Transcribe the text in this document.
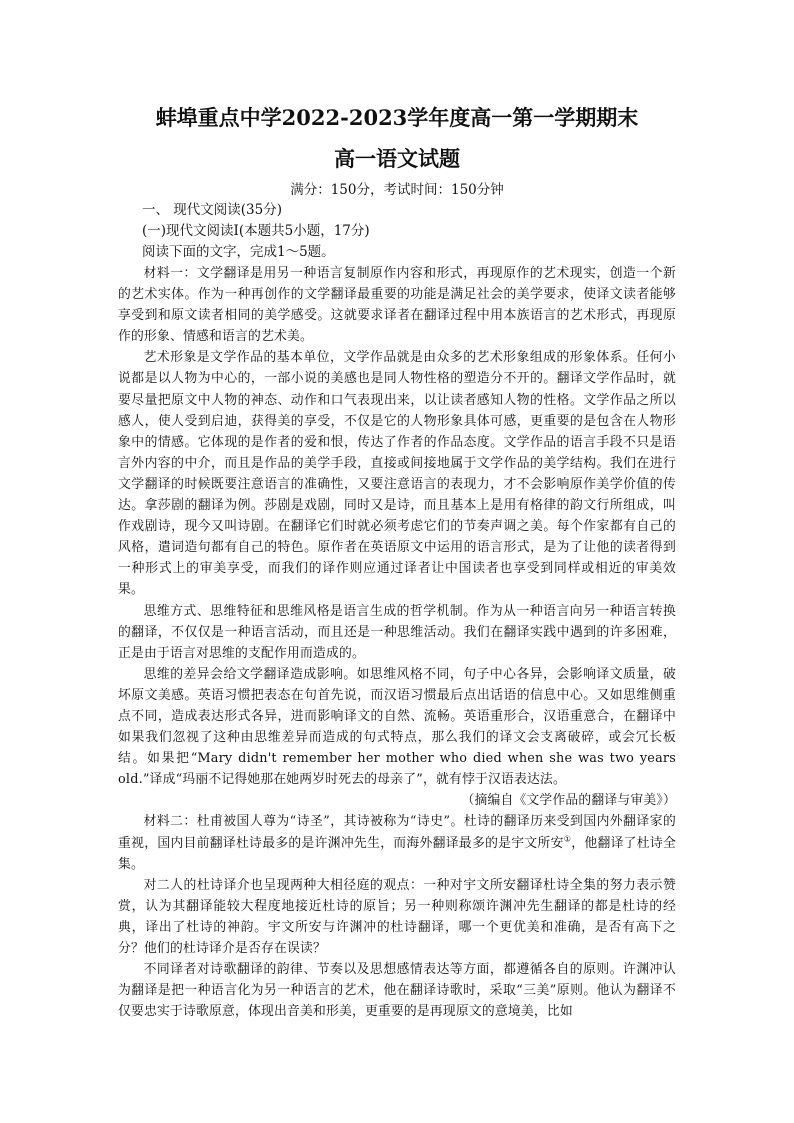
蚌埠重点中学2022-2023学年度高一第一学期期末
高一语文试题
满分：150分，考试时间：150分钟

一、 现代文阅读(35分)

(一)现代文阅读Ⅰ(本题共5小题，17分)

阅读下面的文字，完成1～5题。

材料一：文学翻译是用另一种语言复制原作内容和形式，再现原作的艺术现实，创造一个新的艺术实体。作为一种再创作的文学翻译最重要的功能是满足社会的美学要求，使译文读者能够享受到和原文读者相同的美学感受。这就要求译者在翻译过程中用本族语言的艺术形式，再现原作的形象、情感和语言的艺术美。

艺术形象是文学作品的基本单位，文学作品就是由众多的艺术形象组成的形象体系。任何小说都是以人物为中心的，一部小说的美感也是同人物性格的塑造分不开的。翻译文学作品时，就要尽量把原文中人物的神态、动作和口气表现出来，以让读者感知人物的性格。文学作品之所以感人，使人受到启迪，获得美的享受，不仅是它的人物形象具体可感，更重要的是包含在人物形象中的情感。它体现的是作者的爱和恨，传达了作者的作品态度。文学作品的语言手段不只是语言外内容的中介，而且是作品的美学手段，直接或间接地属于文学作品的美学结构。我们在进行文学翻译的时候既要注意语言的准确性，又要注意语言的表现力，才不会影响原作美学价值的传达。拿莎剧的翻译为例。莎剧是戏剧，同时又是诗，而且基本上是用有格律的韵文行所组成，叫作戏剧诗，现今又叫诗剧。在翻译它们时就必须考虑它们的节奏声调之美。每个作家都有自己的风格，遣词造句都有自己的特色。原作者在英语原文中运用的语言形式，是为了让他的读者得到一种形式上的审美享受，而我们的译作则应通过译者让中国读者也享受到同样或相近的审美效果。

思维方式、思维特征和思维风格是语言生成的哲学机制。作为从一种语言向另一种语言转换的翻译，不仅仅是一种语言活动，而且还是一种思维活动。我们在翻译实践中遇到的许多困难，正是由于语言对思维的支配作用而造成的。

思维的差异会给文学翻译造成影响。如思维风格不同，句子中心各异，会影响译文质量，破坏原文美感。英语习惯把表态在句首先说，而汉语习惯最后点出话语的信息中心。又如思维侧重点不同，造成表达形式各异，进而影响译文的自然、流畅。英语重形合，汉语重意合，在翻译中如果我们忽视了这种由思维差异而造成的句式特点，那么我们的译文会支离破碎，或会冗长板结。如果把“Mary didn't remember her mother who died when she was two years old.”译成“玛丽不记得她那在她两岁时死去的母亲了”，就有悖于汉语表达法。

（摘编自《文学作品的翻译与审美》）

材料二：杜甫被国人尊为“诗圣”，其诗被称为“诗史”。杜诗的翻译历来受到国内外翻译家的重视，国内目前翻译杜诗最多的是许渊冲先生，而海外翻译最多的是宇文所安①，他翻译了杜诗全集。

对二人的杜诗译介也呈现两种大相径庭的观点：一种对宇文所安翻译杜诗全集的努力表示赞赏，认为其翻译能较大程度地接近杜诗的原旨；另一种则称颂许渊冲先生翻译的都是杜诗的经典，译出了杜诗的神韵。宇文所安与许渊冲的杜诗翻译，哪一个更优美和准确，是否有高下之分？他们的杜诗译介是否存在误读？

不同译者对诗歌翻译的韵律、节奏以及思想感情表达等方面，都遵循各自的原则。许渊冲认为翻译是把一种语言化为另一种语言的艺术，他在翻译诗歌时，采取“三美”原则。他认为翻译不仅要忠实于诗歌原意，体现出音美和形美，更重要的是再现原文的意境美，比如
